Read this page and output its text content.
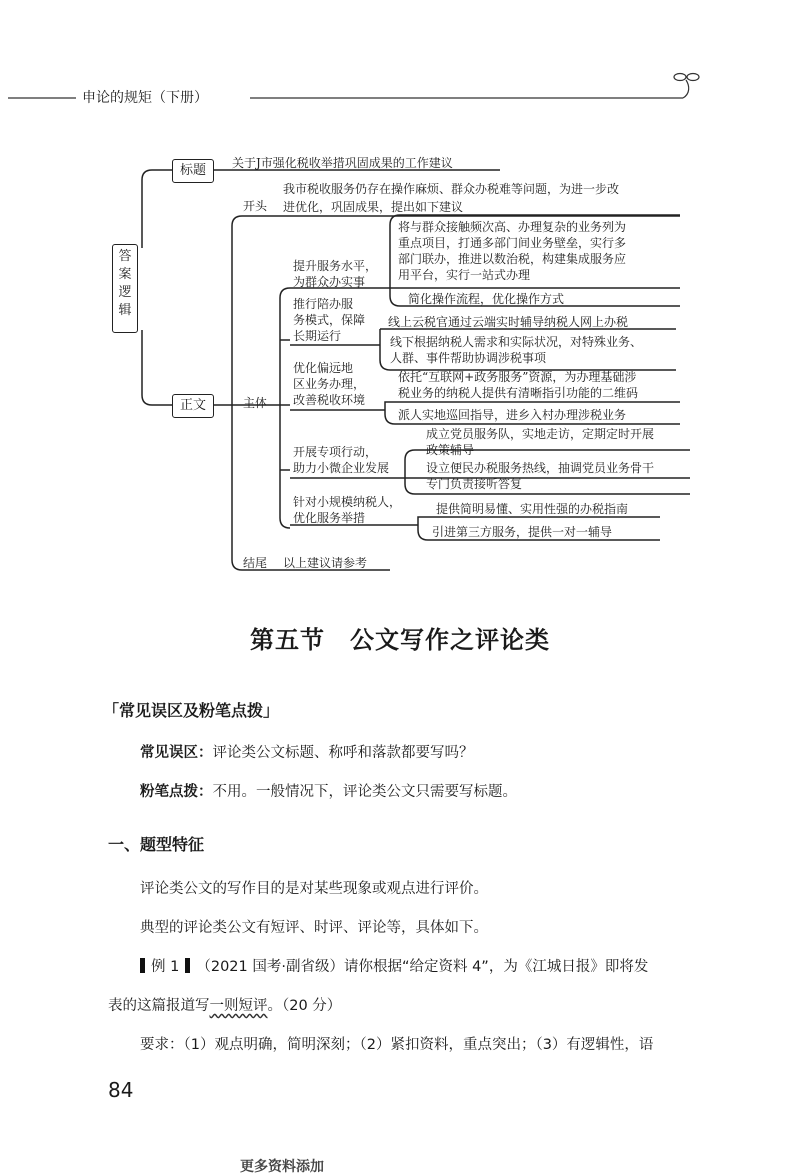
申论的规矩（下册）
答案逻辑
标题
正文
关于J市强化税收举措巩固成果的工作建议
开头
我市税收服务仍存在操作麻烦、群众办税难等问题，为进一步改
进优化，巩固成果，提出如下建议
主体
提升服务水平，
为群众办实事
将与群众接触频次高、办理复杂的业务列为
重点项目，打通多部门间业务壁垒，实行多
部门联办，推进以数治税，构建集成服务应
用平台，实行一站式办理
简化操作流程，优化操作方式
推行陪办服
务模式，保障
长期运行
线上云税官通过云端实时辅导纳税人网上办税
线下根据纳税人需求和实际状况，对特殊业务、
人群、事件帮助协调涉税事项
优化偏远地
区业务办理，
改善税收环境
依托“互联网+政务服务”资源，为办理基础涉
税业务的纳税人提供有清晰指引功能的二维码
派人实地巡回指导，进乡入村办理涉税业务
开展专项行动，
助力小微企业发展
成立党员服务队，实地走访，定期定时开展
政策辅导
设立便民办税服务热线，抽调党员业务骨干
专门负责接听答复
针对小规模纳税人，
优化服务举措
提供简明易懂、实用性强的办税指南
引进第三方服务，提供一对一辅导
结尾 以上建议请参考
第五节　公文写作之评论类
「常见误区及粉笔点拨」
常见误区：评论类公文标题、称呼和落款都要写吗？
粉笔点拨：不用。一般情况下，评论类公文只需要写标题。
一、题型特征
评论类公文的写作目的是对某些现象或观点进行评价。
典型的评论类公文有短评、时评、评论等，具体如下。
例 1 （2021 国考·副省级）请你根据“给定资料 4”，为《江城日报》即将发
表的这篇报道写一则短评。（20 分）
要求：（1）观点明确，简明深刻；（2）紧扣资料，重点突出；（3）有逻辑性，语
84
更多资料添加
